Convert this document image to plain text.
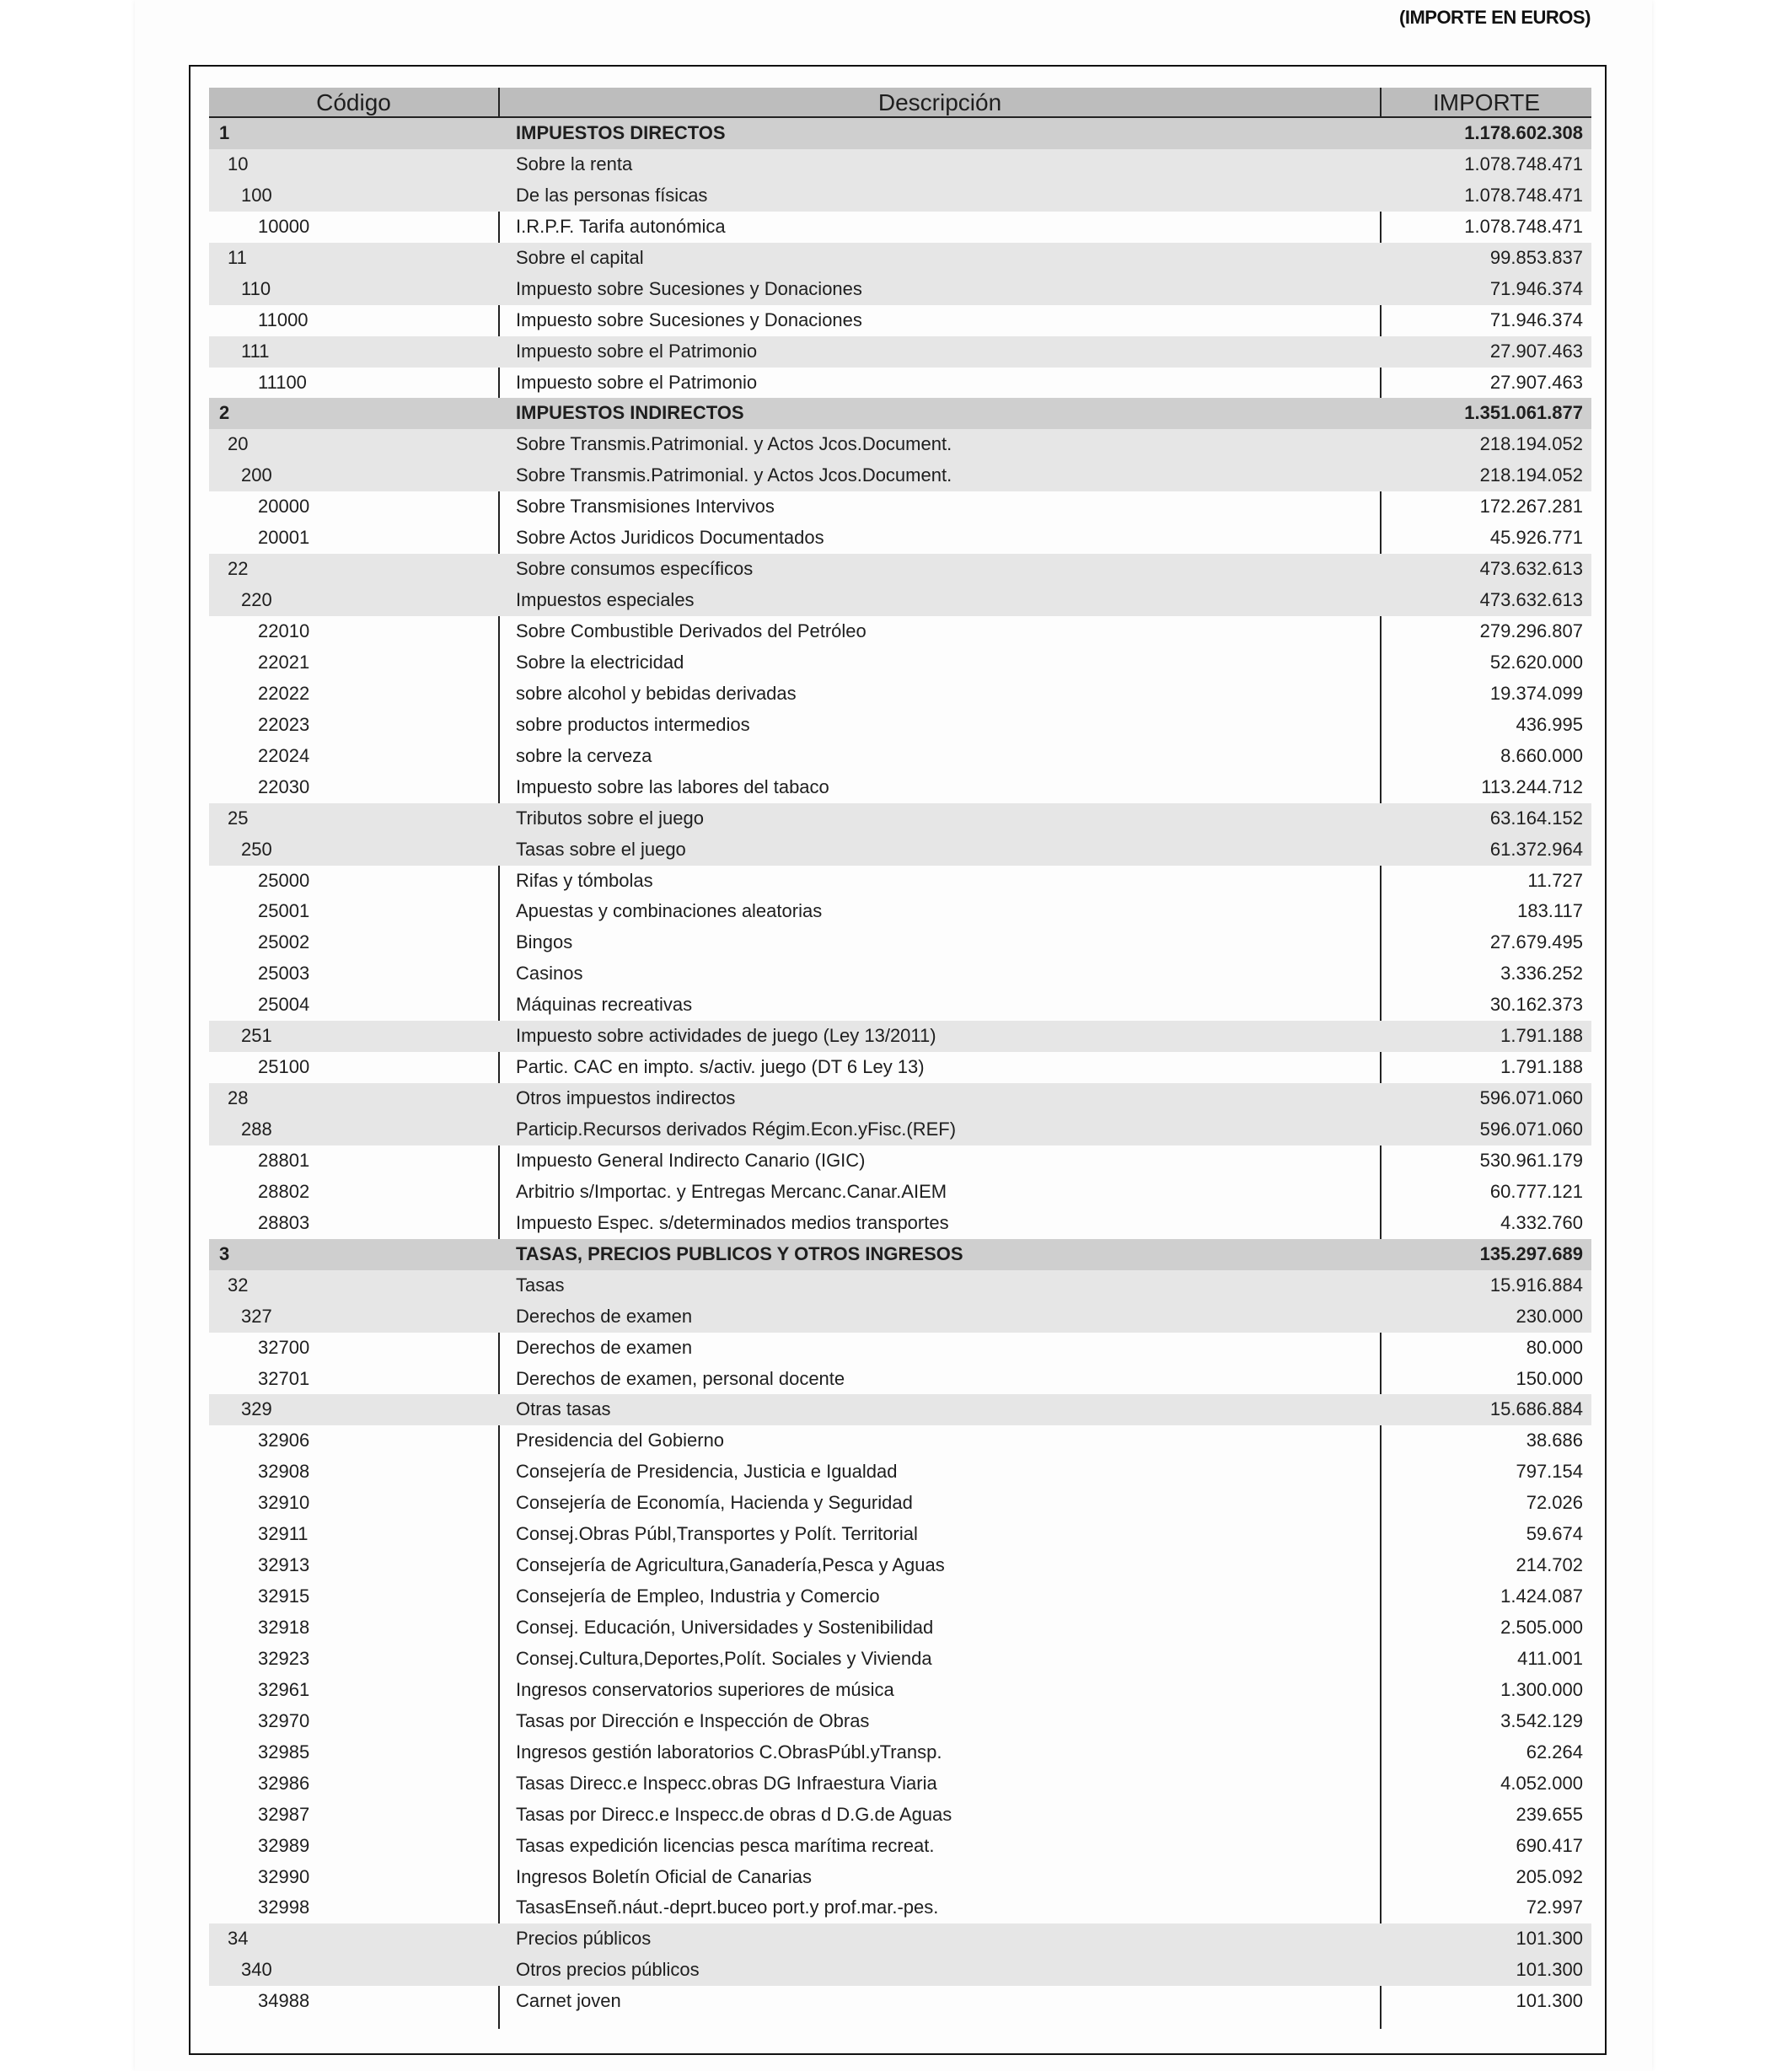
(IMPORTE EN EUROS)
Código	Descripción	IMPORTE
1	IMPUESTOS DIRECTOS	1.178.602.308
10	Sobre la renta	1.078.748.471
100	De las personas físicas	1.078.748.471
10000	I.R.P.F. Tarifa autonómica	1.078.748.471
11	Sobre el capital	99.853.837
110	Impuesto sobre Sucesiones y Donaciones	71.946.374
11000	Impuesto sobre Sucesiones y Donaciones	71.946.374
111	Impuesto sobre el Patrimonio	27.907.463
11100	Impuesto sobre el Patrimonio	27.907.463
2	IMPUESTOS INDIRECTOS	1.351.061.877
20	Sobre Transmis.Patrimonial. y Actos Jcos.Document.	218.194.052
200	Sobre Transmis.Patrimonial. y Actos Jcos.Document.	218.194.052
20000	Sobre Transmisiones Intervivos	172.267.281
20001	Sobre Actos Juridicos Documentados	45.926.771
22	Sobre consumos específicos	473.632.613
220	Impuestos especiales	473.632.613
22010	Sobre Combustible Derivados del Petróleo	279.296.807
22021	Sobre la electricidad	52.620.000
22022	sobre alcohol y bebidas derivadas	19.374.099
22023	sobre productos intermedios	436.995
22024	sobre la cerveza	8.660.000
22030	Impuesto sobre las labores del tabaco	113.244.712
25	Tributos sobre el juego	63.164.152
250	Tasas sobre el juego	61.372.964
25000	Rifas y tómbolas	11.727
25001	Apuestas y combinaciones aleatorias	183.117
25002	Bingos	27.679.495
25003	Casinos	3.336.252
25004	Máquinas recreativas	30.162.373
251	Impuesto sobre actividades de juego (Ley 13/2011)	1.791.188
25100	Partic. CAC en impto. s/activ. juego (DT 6 Ley 13)	1.791.188
28	Otros impuestos indirectos	596.071.060
288	Particip.Recursos derivados Régim.Econ.yFisc.(REF)	596.071.060
28801	Impuesto General Indirecto Canario (IGIC)	530.961.179
28802	Arbitrio s/Importac. y Entregas Mercanc.Canar.AIEM	60.777.121
28803	Impuesto Espec. s/determinados medios transportes	4.332.760
3	TASAS, PRECIOS PUBLICOS Y OTROS INGRESOS	135.297.689
32	Tasas	15.916.884
327	Derechos de examen	230.000
32700	Derechos de examen	80.000
32701	Derechos de examen, personal docente	150.000
329	Otras tasas	15.686.884
32906	Presidencia del Gobierno	38.686
32908	Consejería de Presidencia, Justicia e Igualdad	797.154
32910	Consejería de Economía, Hacienda y Seguridad	72.026
32911	Consej.Obras Públ,Transportes y Polít. Territorial	59.674
32913	Consejería de Agricultura,Ganadería,Pesca y Aguas	214.702
32915	Consejería de Empleo, Industria y Comercio	1.424.087
32918	Consej. Educación, Universidades y Sostenibilidad	2.505.000
32923	Consej.Cultura,Deportes,Polít. Sociales y Vivienda	411.001
32961	Ingresos conservatorios superiores de música	1.300.000
32970	Tasas por Dirección e Inspección de Obras	3.542.129
32985	Ingresos gestión laboratorios C.ObrasPúbl.yTransp.	62.264
32986	Tasas Direcc.e Inspecc.obras DG Infraestura Viaria	4.052.000
32987	Tasas por Direcc.e Inspecc.de obras d D.G.de Aguas	239.655
32989	Tasas expedición licencias pesca marítima recreat.	690.417
32990	Ingresos Boletín Oficial de Canarias	205.092
32998	TasasEnseñ.náut.-deprt.buceo port.y prof.mar.-pes.	72.997
34	Precios públicos	101.300
340	Otros precios públicos	101.300
34988	Carnet joven	101.300
